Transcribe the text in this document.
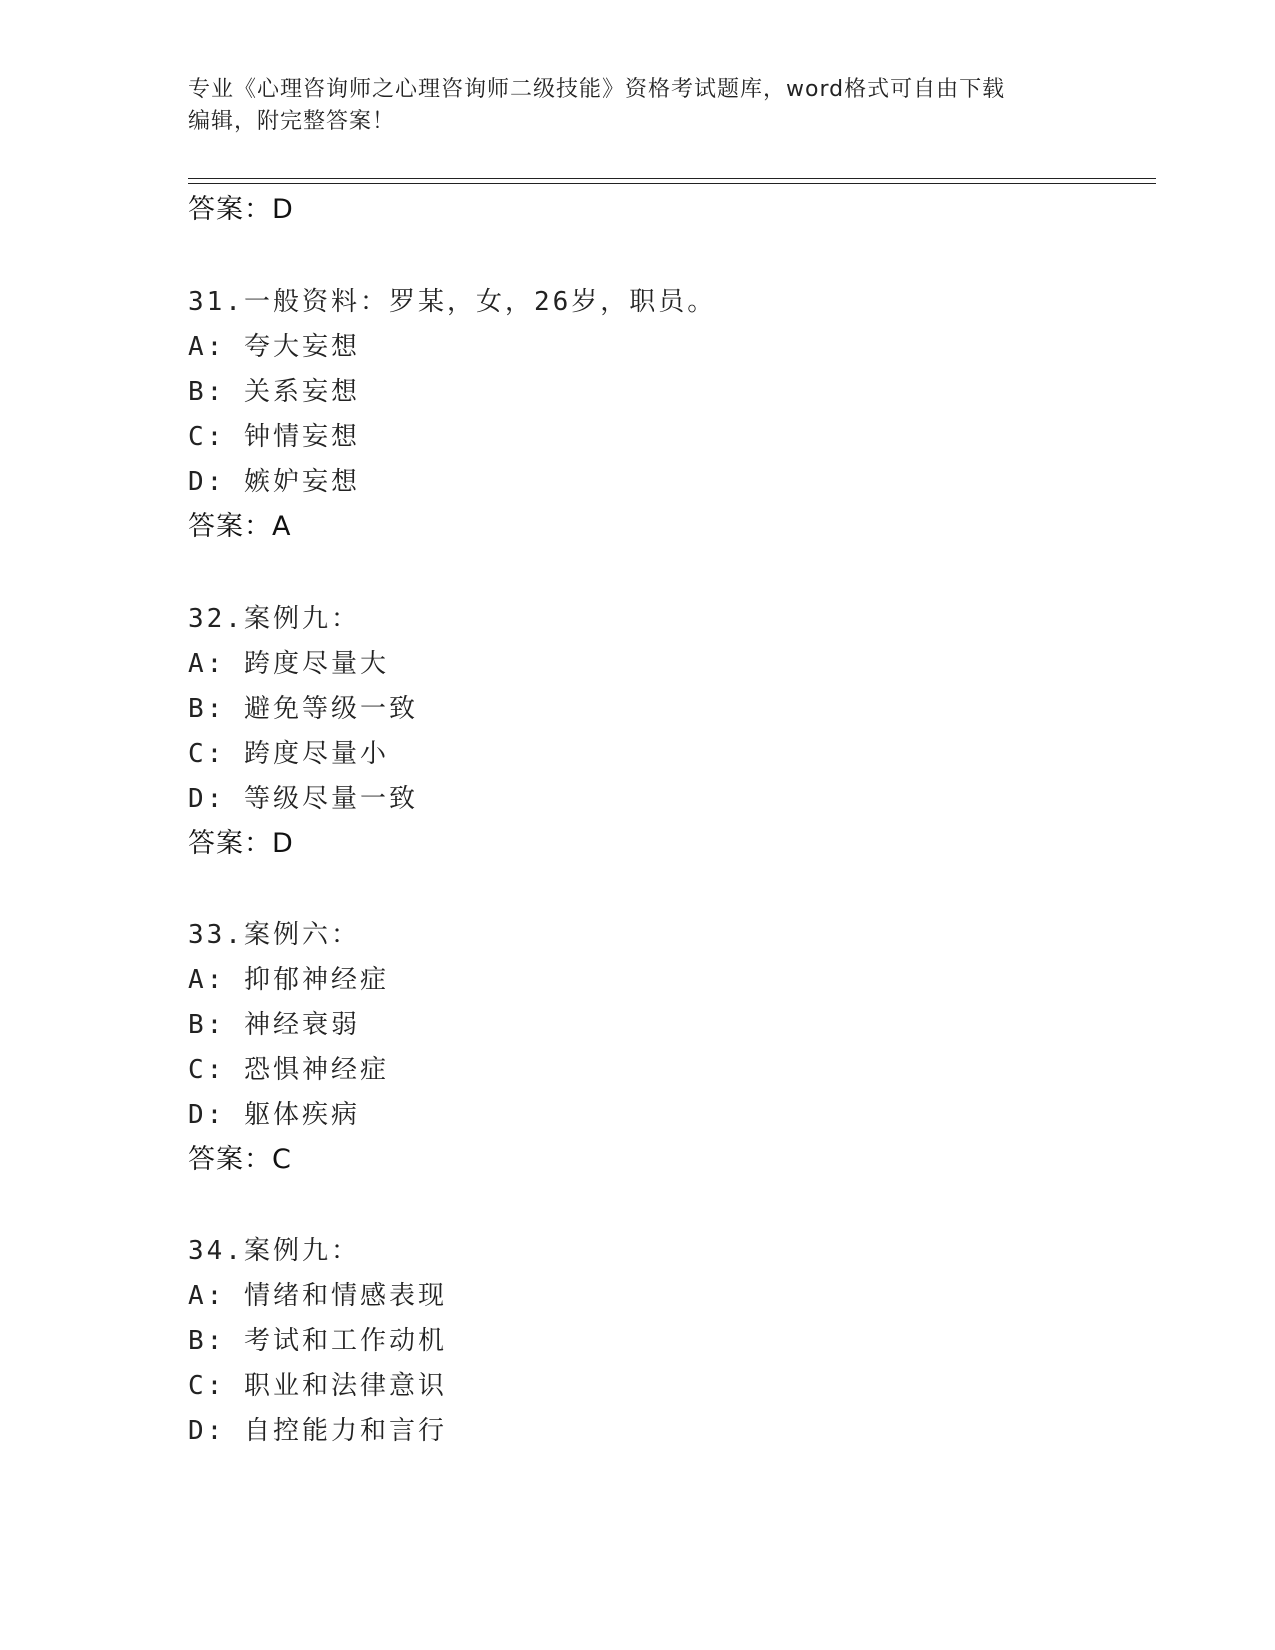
专业《心理咨询师之心理咨询师二级技能》资格考试题库，word格式可自由下载
编辑，附完整答案！
答案：D
31.一般资料：罗某，女，26岁，职员。
A: 夸大妄想
B: 关系妄想
C: 钟情妄想
D: 嫉妒妄想
答案：A
32.案例九：
A: 跨度尽量大
B: 避免等级一致
C: 跨度尽量小
D: 等级尽量一致
答案：D
33.案例六：
A: 抑郁神经症
B: 神经衰弱
C: 恐惧神经症
D: 躯体疾病
答案：C
34.案例九：
A: 情绪和情感表现
B: 考试和工作动机
C: 职业和法律意识
D: 自控能力和言行
